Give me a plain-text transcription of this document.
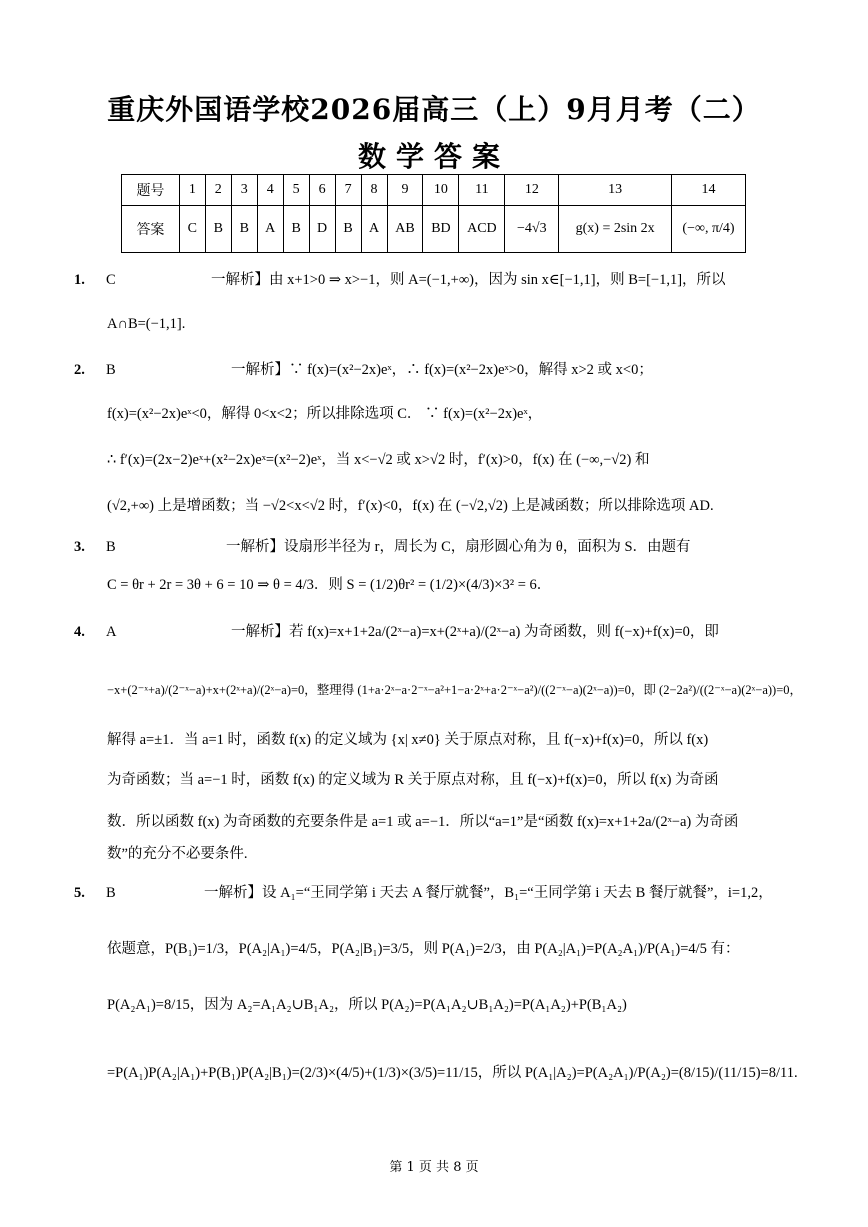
重庆外国语学校2026届高三（上）9月月考（二）
数学答案
题号	1	2	3	4	5	6	7	8	9	10	11	12	13	14
答案	C	B	B	A	B	D	B	A	AB	BD	ACD	−4√3	g(x) = 2sin 2x	(−∞, π/4)
1. C	一解析】由 x+1>0 ⇒ x>−1，则 A=(−1,+∞)，因为 sin x∈[−1,1]，则 B=[−1,1]，所以
A∩B=(−1,1].
2. B	一解析】∵ f(x)=(x²−2x)eˣ，∴ f(x)=(x²−2x)eˣ>0，解得 x>2 或 x<0；
f(x)=(x²−2x)eˣ<0，解得 0<x<2；所以排除选项 C． ∵ f(x)=(x²−2x)eˣ，
∴ f′(x)=(2x−2)eˣ+(x²−2x)eˣ=(x²−2)eˣ，当 x<−√2 或 x>√2 时，f′(x)>0，f(x) 在 (−∞,−√2) 和
(√2,+∞) 上是增函数；当 −√2<x<√2 时，f′(x)<0，f(x) 在 (−√2,√2) 上是减函数；所以排除选项 AD.
3. B	一解析】设扇形半径为 r，周长为 C，扇形圆心角为 θ，面积为 S．由题有
C = θr + 2r = 3θ + 6 = 10 ⇒ θ = 4/3．则 S = (1/2)θr² = (1/2)×(4/3)×3² = 6．
4. A	一解析】若 f(x)=x+1+2a/(2ˣ−a)=x+(2ˣ+a)/(2ˣ−a) 为奇函数，则 f(−x)+f(x)=0，即
−x+(2⁻ˣ+a)/(2⁻ˣ−a)+x+(2ˣ+a)/(2ˣ−a)=0，整理得 (1+a·2ˣ−a·2⁻ˣ−a²+1−a·2ˣ+a·2⁻ˣ−a²)/((2⁻ˣ−a)(2ˣ−a))=0，即 (2−2a²)/((2⁻ˣ−a)(2ˣ−a))=0，
解得 a=±1．当 a=1 时，函数 f(x) 的定义域为 {x| x≠0} 关于原点对称，且 f(−x)+f(x)=0，所以 f(x)
为奇函数；当 a=−1 时，函数 f(x) 的定义域为 R 关于原点对称，且 f(−x)+f(x)=0，所以 f(x) 为奇函
数．所以函数 f(x) 为奇函数的充要条件是 a=1 或 a=−1．所以“a=1”是“函数 f(x)=x+1+2a/(2ˣ−a) 为奇函
数”的充分不必要条件.
5. B	一解析】设 A₁=“王同学第 i 天去 A 餐厅就餐”，B₁=“王同学第 i 天去 B 餐厅就餐”，i=1,2，
依题意，P(B₁)=1/3，P(A₂|A₁)=4/5，P(A₂|B₁)=3/5，则 P(A₁)=2/3，由 P(A₂|A₁)=P(A₂A₁)/P(A₁)=4/5 有：
P(A₂A₁)=8/15，因为 A₂=A₁A₂∪B₁A₂，所以 P(A₂)=P(A₁A₂∪B₁A₂)=P(A₁A₂)+P(B₁A₂)
=P(A₁)P(A₂|A₁)+P(B₁)P(A₂|B₁)=(2/3)×(4/5)+(1/3)×(3/5)=11/15，所以 P(A₁|A₂)=P(A₂A₁)/P(A₂)=(8/15)/(11/15)=8/11.
第 1 页 共 8 页
